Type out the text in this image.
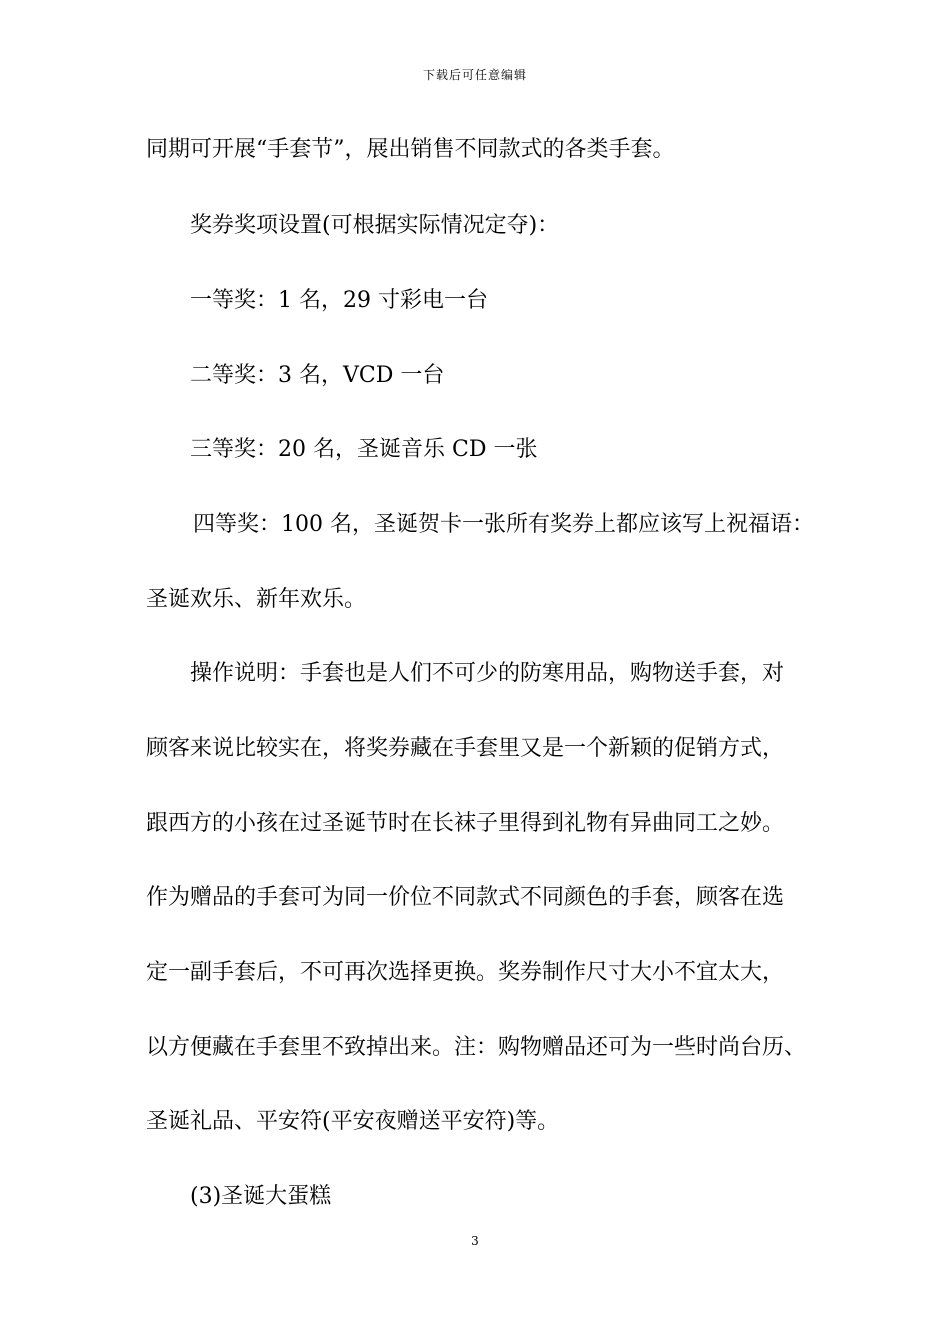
下载后可任意编辑
同期可开展“手套节”，展出销售不同款式的各类手套。
奖券奖项设置(可根据实际情况定夺)：
一等奖：1 名，29 寸彩电一台
二等奖：3 名，VCD 一台
三等奖：20 名，圣诞音乐 CD 一张
四等奖：100 名，圣诞贺卡一张所有奖券上都应该写上祝福语：
圣诞欢乐、新年欢乐。
操作说明：手套也是人们不可少的防寒用品，购物送手套，对
顾客来说比较实在，将奖券藏在手套里又是一个新颖的促销方式，
跟西方的小孩在过圣诞节时在长袜子里得到礼物有异曲同工之妙。
作为赠品的手套可为同一价位不同款式不同颜色的手套，顾客在选
定一副手套后，不可再次选择更换。奖券制作尺寸大小不宜太大，
以方便藏在手套里不致掉出来。注：购物赠品还可为一些时尚台历、
圣诞礼品、平安符(平安夜赠送平安符)等。
(3)圣诞大蛋糕
3
